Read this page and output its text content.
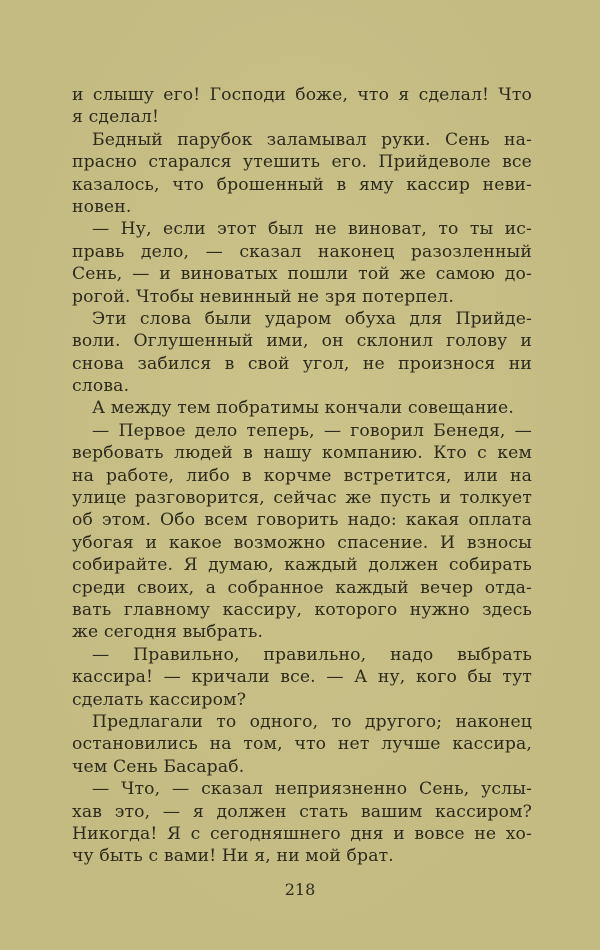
и слышу его! Господи боже, что я сделал! Что
я сделал!
Бедный парубок заламывал руки. Сень на-
прасно старался утешить его. Прийдеволе все
казалось, что брошенный в яму кассир неви-
новен.
— Ну, если этот был не виноват, то ты ис-
правь дело, — сказал наконец разозленный
Сень, — и виноватых пошли той же самою до-
рогой. Чтобы невинный не зря потерпел.
Эти слова были ударом обуха для Прийде-
воли. Оглушенный ими, он склонил голову и
снова забился в свой угол, не произнося ни
слова.
А между тем побратимы кончали совещание.
— Первое дело теперь, — говорил Бенедя, —
вербовать людей в нашу компанию. Кто с кем
на работе, либо в корчме встретится, или на
улице разговорится, сейчас же пусть и толкует
об этом. Обо всем говорить надо: какая оплата
убогая и какое возможно спасение. И взносы
собирайте. Я думаю, каждый должен собирать
среди своих, а собранное каждый вечер отда-
вать главному кассиру, которого нужно здесь
же сегодня выбрать.
— Правильно, правильно, надо выбрать
кассира! — кричали все. — А ну, кого бы тут
сделать кассиром?
Предлагали то одного, то другого; наконец
остановились на том, что нет лучше кассира,
чем Сень Басараб.
— Что, — сказал неприязненно Сень, услы-
хав это, — я должен стать вашим кассиром?
Никогда! Я с сегодняшнего дня и вовсе не хо-
чу быть с вами! Ни я, ни мой брат.
218
